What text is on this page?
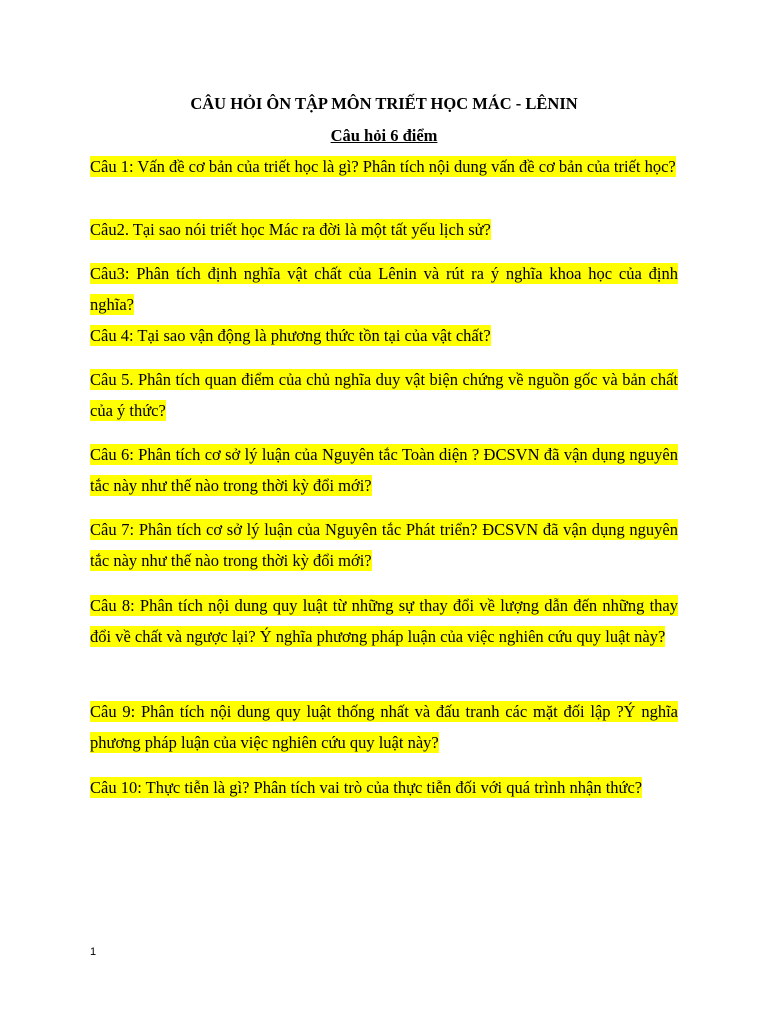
CÂU HỎI ÔN TẬP MÔN TRIẾT HỌC MÁC - LÊNIN
Câu hỏi 6 điểm
Câu 1: Vấn đề cơ bản của triết học là gì? Phân tích nội dung vấn đề cơ bản của triết học?
Câu2. Tại sao nói triết học Mác ra đời là một tất yếu lịch sử?
Câu3: Phân tích định nghĩa vật chất của Lênin và rút ra ý nghĩa khoa học của định nghĩa?
Câu 4: Tại sao vận động là phương thức tồn tại của vật chất?
Câu 5. Phân tích quan điểm của chủ nghĩa duy vật biện chứng về nguồn gốc và bản chất của ý thức?
Câu 6: Phân tích cơ sở lý luận của Nguyên tắc Toàn diện ? ĐCSVN đã vận dụng nguyên tắc này như thế nào trong thời kỳ đổi mới?
Câu 7: Phân tích cơ sở lý luận của Nguyên tắc Phát triển? ĐCSVN đã vận dụng nguyên tắc này như thế nào trong thời kỳ đổi mới?
Câu 8: Phân tích nội dung quy luật từ những sự thay đổi về lượng dẫn đến những thay đổi về chất và ngược lại? Ý nghĩa phương pháp luận của việc nghiên cứu quy luật này?
Câu 9: Phân tích nội dung quy luật thống nhất và đấu tranh các mặt đối lập ?Ý nghĩa phương pháp luận của việc nghiên cứu quy luật này?
Câu 10: Thực tiễn là gì? Phân tích vai trò của thực tiễn đối với quá trình nhận thức?
1
